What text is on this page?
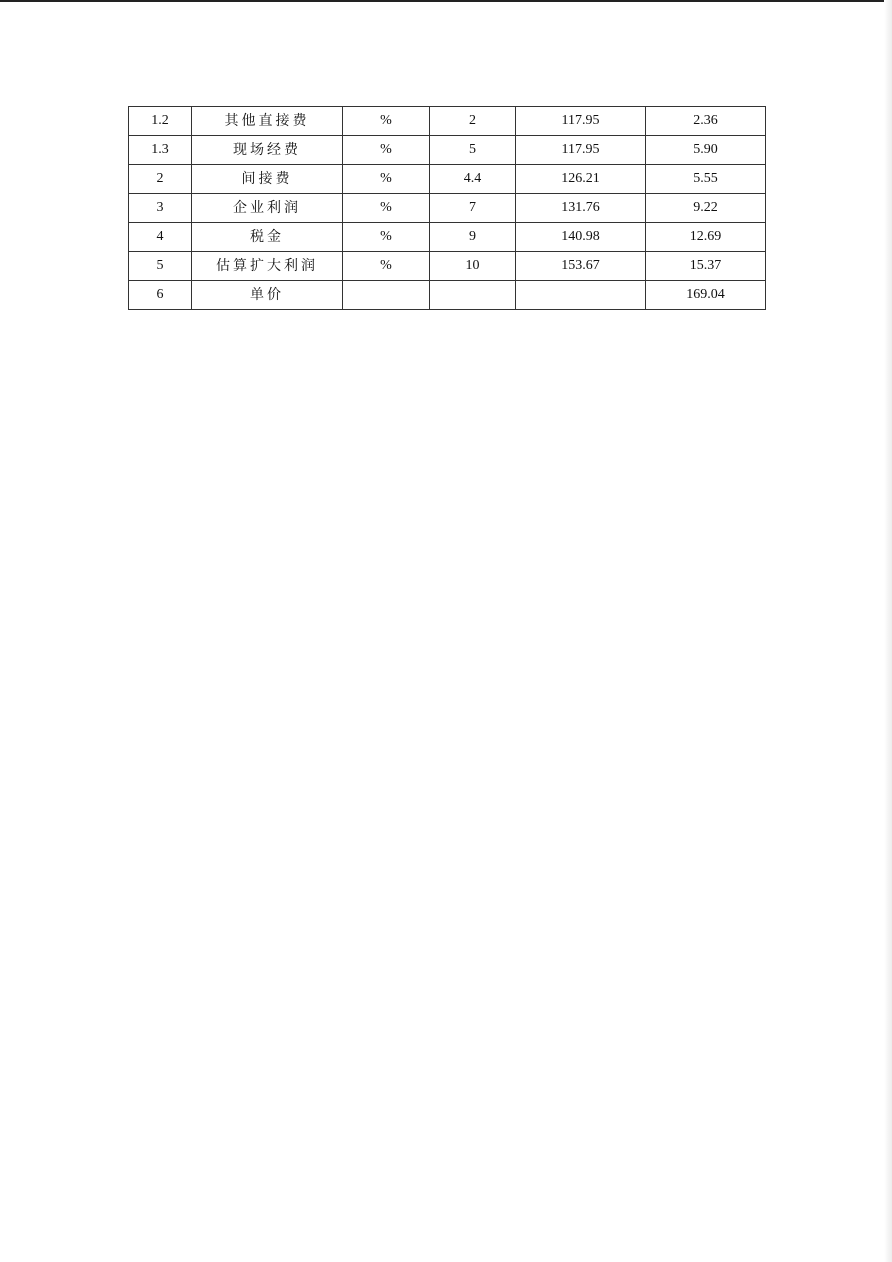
1.2	其他直接费	%	2	117.95	2.36
1.3	现场经费	%	5	117.95	5.90
2	间接费	%	4.4	126.21	5.55
3	企业利润	%	7	131.76	9.22
4	税金	%	9	140.98	12.69
5	估算扩大利润	%	10	153.67	15.37
6	单价				169.04
